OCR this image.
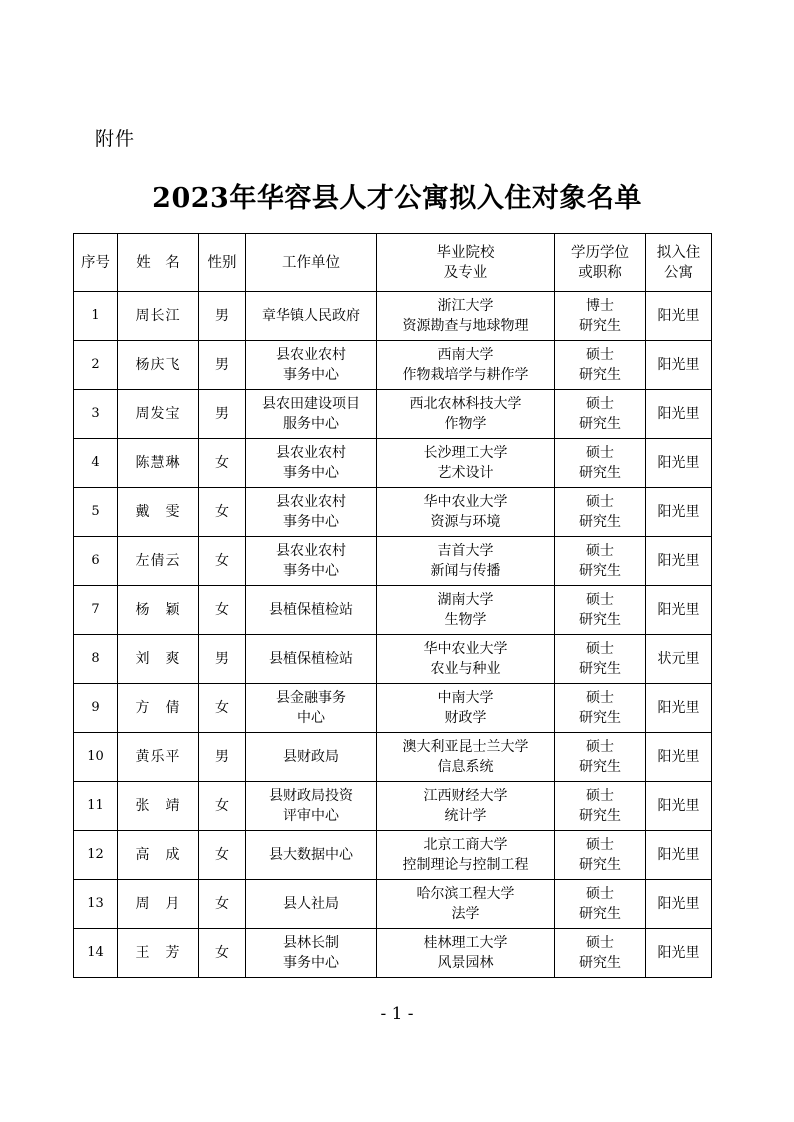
附件
2023年华容县人才公寓拟入住对象名单
序号	姓　名	性别	工作单位	毕业院校
及专业	学历学位
或职称	拟入住
公寓

1	周长江	男	章华镇人民政府	浙江大学
资源勘查与地球物理	博士
研究生	阳光里
2	杨庆飞	男	县农业农村
事务中心	西南大学
作物栽培学与耕作学	硕士
研究生	阳光里
3	周发宝	男	县农田建设项目
服务中心	西北农林科技大学
作物学	硕士
研究生	阳光里
4	陈慧琳	女	县农业农村
事务中心	长沙理工大学
艺术设计	硕士
研究生	阳光里
5	戴　雯	女	县农业农村
事务中心	华中农业大学
资源与环境	硕士
研究生	阳光里
6	左倩云	女	县农业农村
事务中心	吉首大学
新闻与传播	硕士
研究生	阳光里
7	杨　颖	女	县植保植检站	湖南大学
生物学	硕士
研究生	阳光里
8	刘　爽	男	县植保植检站	华中农业大学
农业与种业	硕士
研究生	状元里
9	方　倩	女	县金融事务
中心	中南大学
财政学	硕士
研究生	阳光里
10	黄乐平	男	县财政局	澳大利亚昆士兰大学
信息系统	硕士
研究生	阳光里
11	张　靖	女	县财政局投资
评审中心	江西财经大学
统计学	硕士
研究生	阳光里
12	高　成	女	县大数据中心	北京工商大学
控制理论与控制工程	硕士
研究生	阳光里
13	周　月	女	县人社局	哈尔滨工程大学
法学	硕士
研究生	阳光里
14	王　芳	女	县林长制
事务中心	桂林理工大学
风景园林	硕士
研究生	阳光里
- 1 -
